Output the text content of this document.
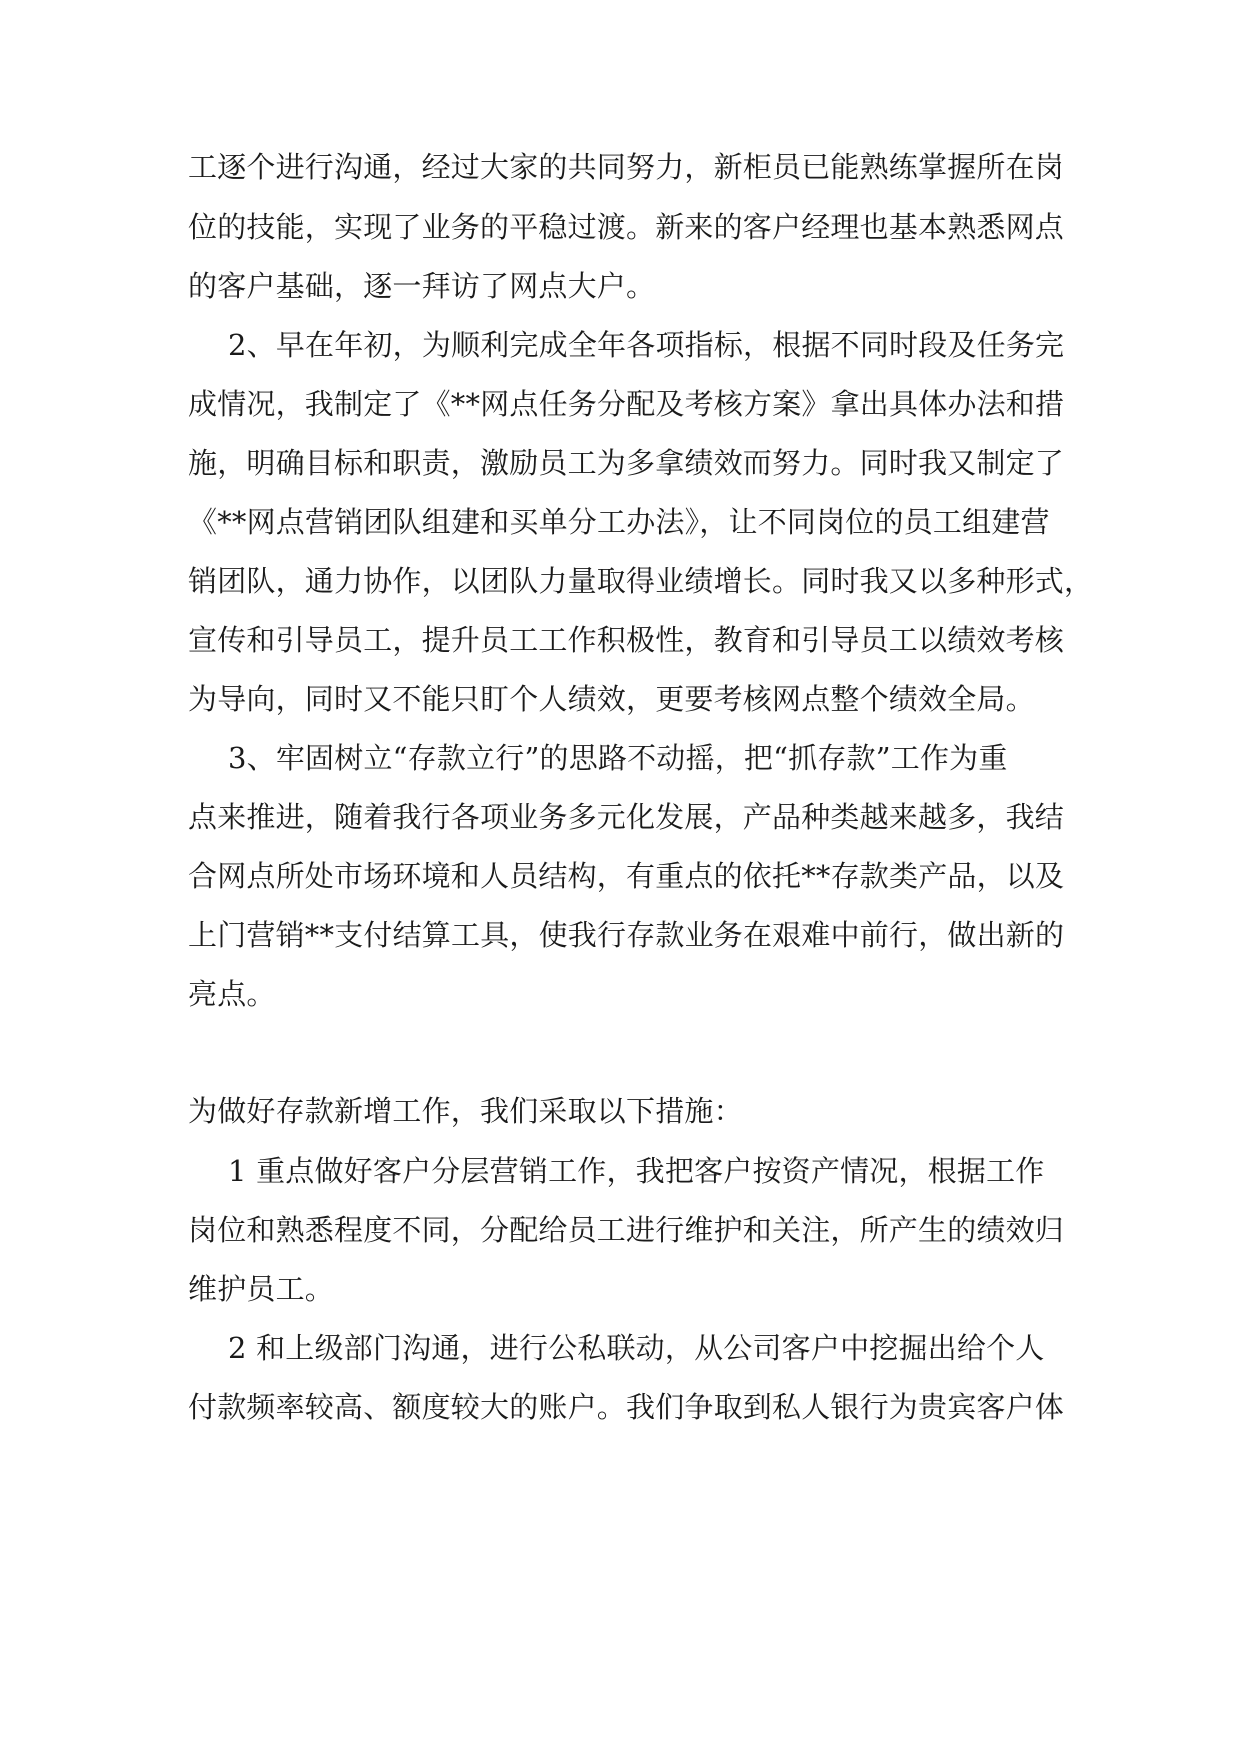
工逐个进行沟通，经过大家的共同努力，新柜员已能熟练掌握所在岗
位的技能，实现了业务的平稳过渡。新来的客户经理也基本熟悉网点
的客户基础，逐一拜访了网点大户。
2、早在年初，为顺利完成全年各项指标，根据不同时段及任务完
成情况，我制定了《**网点任务分配及考核方案》拿出具体办法和措
施，明确目标和职责，激励员工为多拿绩效而努力。同时我又制定了
《**网点营销团队组建和买单分工办法》，让不同岗位的员工组建营
销团队，通力协作，以团队力量取得业绩增长。同时我又以多种形式，
宣传和引导员工，提升员工工作积极性，教育和引导员工以绩效考核
为导向，同时又不能只盯个人绩效，更要考核网点整个绩效全局。
3、牢固树立“存款立行”的思路不动摇，把“抓存款”工作为重
点来推进，随着我行各项业务多元化发展，产品种类越来越多，我结
合网点所处市场环境和人员结构，有重点的依托**存款类产品，以及
上门营销**支付结算工具，使我行存款业务在艰难中前行，做出新的
亮点。
为做好存款新增工作，我们采取以下措施：
1 重点做好客户分层营销工作，我把客户按资产情况，根据工作
岗位和熟悉程度不同，分配给员工进行维护和关注，所产生的绩效归
维护员工。
2 和上级部门沟通，进行公私联动，从公司客户中挖掘出给个人
付款频率较高、额度较大的账户。我们争取到私人银行为贵宾客户体
